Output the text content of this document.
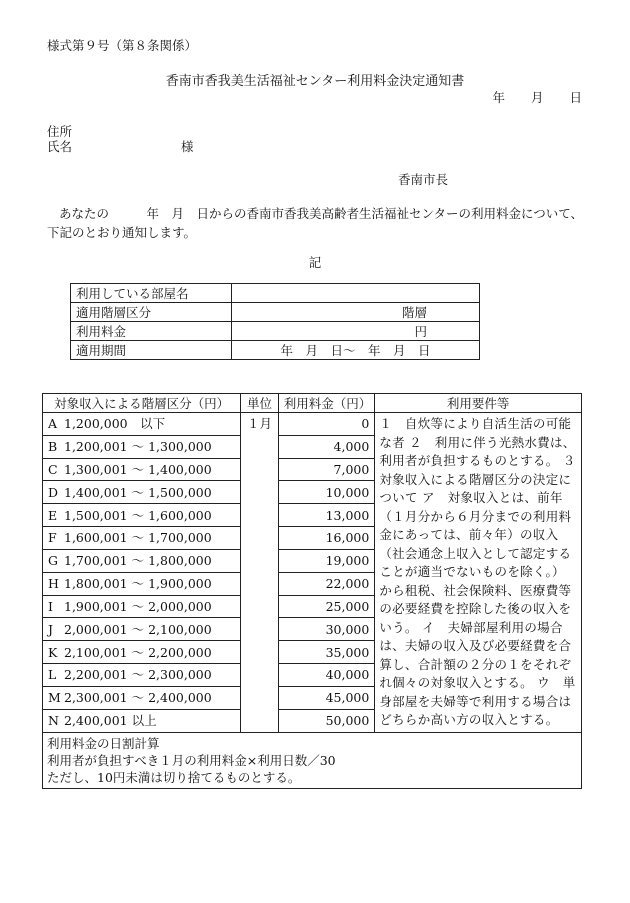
様式第９号（第８条関係）
香南市香我美生活福祉センター利用料金決定通知書
年 月 日
住所
氏名	様
香南市長
あなたの　　　年　月　日からの香南市香我美高齢者生活福祉センターの利用料金について、下記のとおり通知します。
記
利用している部屋名	
適用階層区分	階層
利用料金	円
適用期間	年　月　日～　年　月　日
対象収入による階層区分（円）	単位	利用料金（円）	利用要件等
A 1,200,000　以下	１月	0	１　自炊等により自活生活の可能な者 ２　利用に伴う光熱水費は、利用者が負担するものとする。 ３　対象収入による階層区分の決定について ア　対象収入とは、前年（１月分から６月分までの利用料金にあっては、前々年）の収入（社会通念上収入として認定することが適当でないものを除く。）から租税、社会保険料、医療費等の必要経費を控除した後の収入をいう。 イ　夫婦部屋利用の場合は、夫婦の収入及び必要経費を合算し、合計額の２分の１をそれぞれ個々の対象収入とする。 ウ　単身部屋を夫婦等で利用する場合はどちらか高い方の収入とする。
B 1,200,001 ～ 1,300,000		4,000	
C 1,300,001 ～ 1,400,000		7,000	
D 1,400,001 ～ 1,500,000		10,000	
E 1,500,001 ～ 1,600,000		13,000	
F 1,600,001 ～ 1,700,000		16,000	
G 1,700,001 ～ 1,800,000		19,000	
H 1,800,001 ～ 1,900,000		22,000	
I 1,900,001 ～ 2,000,000		25,000	
J 2,000,001 ～ 2,100,000		30,000	
K 2,100,001 ～ 2,200,000		35,000	
L 2,200,001 ～ 2,300,000		40,000	
M 2,300,001 ～ 2,400,000		45,000	
N 2,400,001 以上		50,000	

利用料金の日割計算
利用者が負担すべき１月の利用料金×利用日数／30
ただし、10円未満は切り捨てるものとする。			
